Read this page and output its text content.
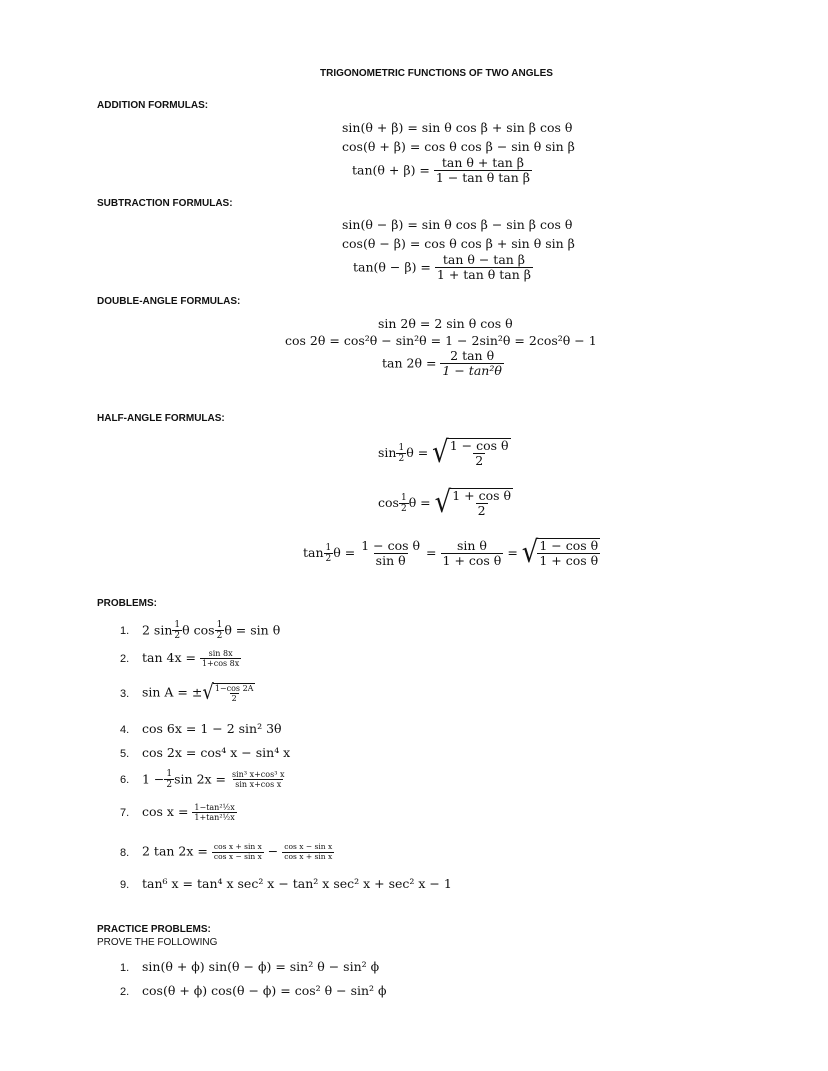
TRIGONOMETRIC FUNCTIONS OF TWO ANGLES
ADDITION FORMULAS:
sin(θ + β) = sin θ cos β + sin β cos θ
cos(θ + β) = cos θ cos β − sin θ sin β
$\tan(\theta + \beta) = \frac{\text{tan θ + tan β}}{\text{1 − tan θ tan β}}$
SUBTRACTION FORMULAS:
sin(θ − β) = sin θ cos β − sin β cos θ
cos(θ − β) = cos θ cos β + sin θ sin β
$\tan(\theta - \beta) = \frac{\text{tan θ − tan β}}{\text{1 + tan θ tan β}}$
DOUBLE-ANGLE FORMULAS:
sin 2θ = 2 sin θ cos θ
cos 2θ = cos²θ − sin²θ = 1 − 2sin²θ = 2cos²θ − 1
$\tan 2\theta = \frac{\text{2 tan θ}}{\text{1 − tan²θ}}$
HALF-ANGLE FORMULAS:
$\sin \frac{1}{2}$ θ = √ $\frac{\text{1 − cos θ}}{2}$
$\cos \frac{1}{2}$ θ = √ $\frac{\text{1 + cos θ}}{2}$
$\tan \frac{1}{2}$ $\theta = \frac{\text{1 − cos θ}}{\text{sin θ}} = \frac{\text{sin θ}}{\text{1 + cos θ}}$ = √ $\frac{\text{1 − cos θ}}{\text{1 + cos θ}}$
PROBLEMS:
1. 2 $\sin \frac{1}{2}$ θ $\cos \frac{1}{2}$ θ = sin θ
2. $\tan 4x = \frac{\sin 8x}{1+\cos 8x}$
3. sin A = ± √ $\frac{1-\cos 2A}{2}$
4. cos 6x = 1 − 2 sin² 3θ
5. cos 2x = cos⁴ x − sin⁴ x
6. $1 - \frac{1}{2}$ $\sin 2x = \frac{\text{sin³ x+cos³ x}}{\text{sin x+cos x}}$
7. $\cos x = \frac{\text{1−tan²½x}}{\text{1+tan²½x}}$
8. 2 $\tan 2x = \frac{\text{cos x + sin x}}{\text{cos x − sin x}} - \frac{\text{cos x − sin x}}{\text{cos x + sin x}}$
9. tan⁶ x = tan⁴ x sec² x − tan² x sec² x + sec² x − 1
PRACTICE PROBLEMS:
PROVE THE FOLLOWING
1. sin(θ + ϕ) sin(θ − ϕ) = sin² θ − sin² ϕ
2. cos(θ + ϕ) cos(θ − ϕ) = cos² θ − sin² ϕ
